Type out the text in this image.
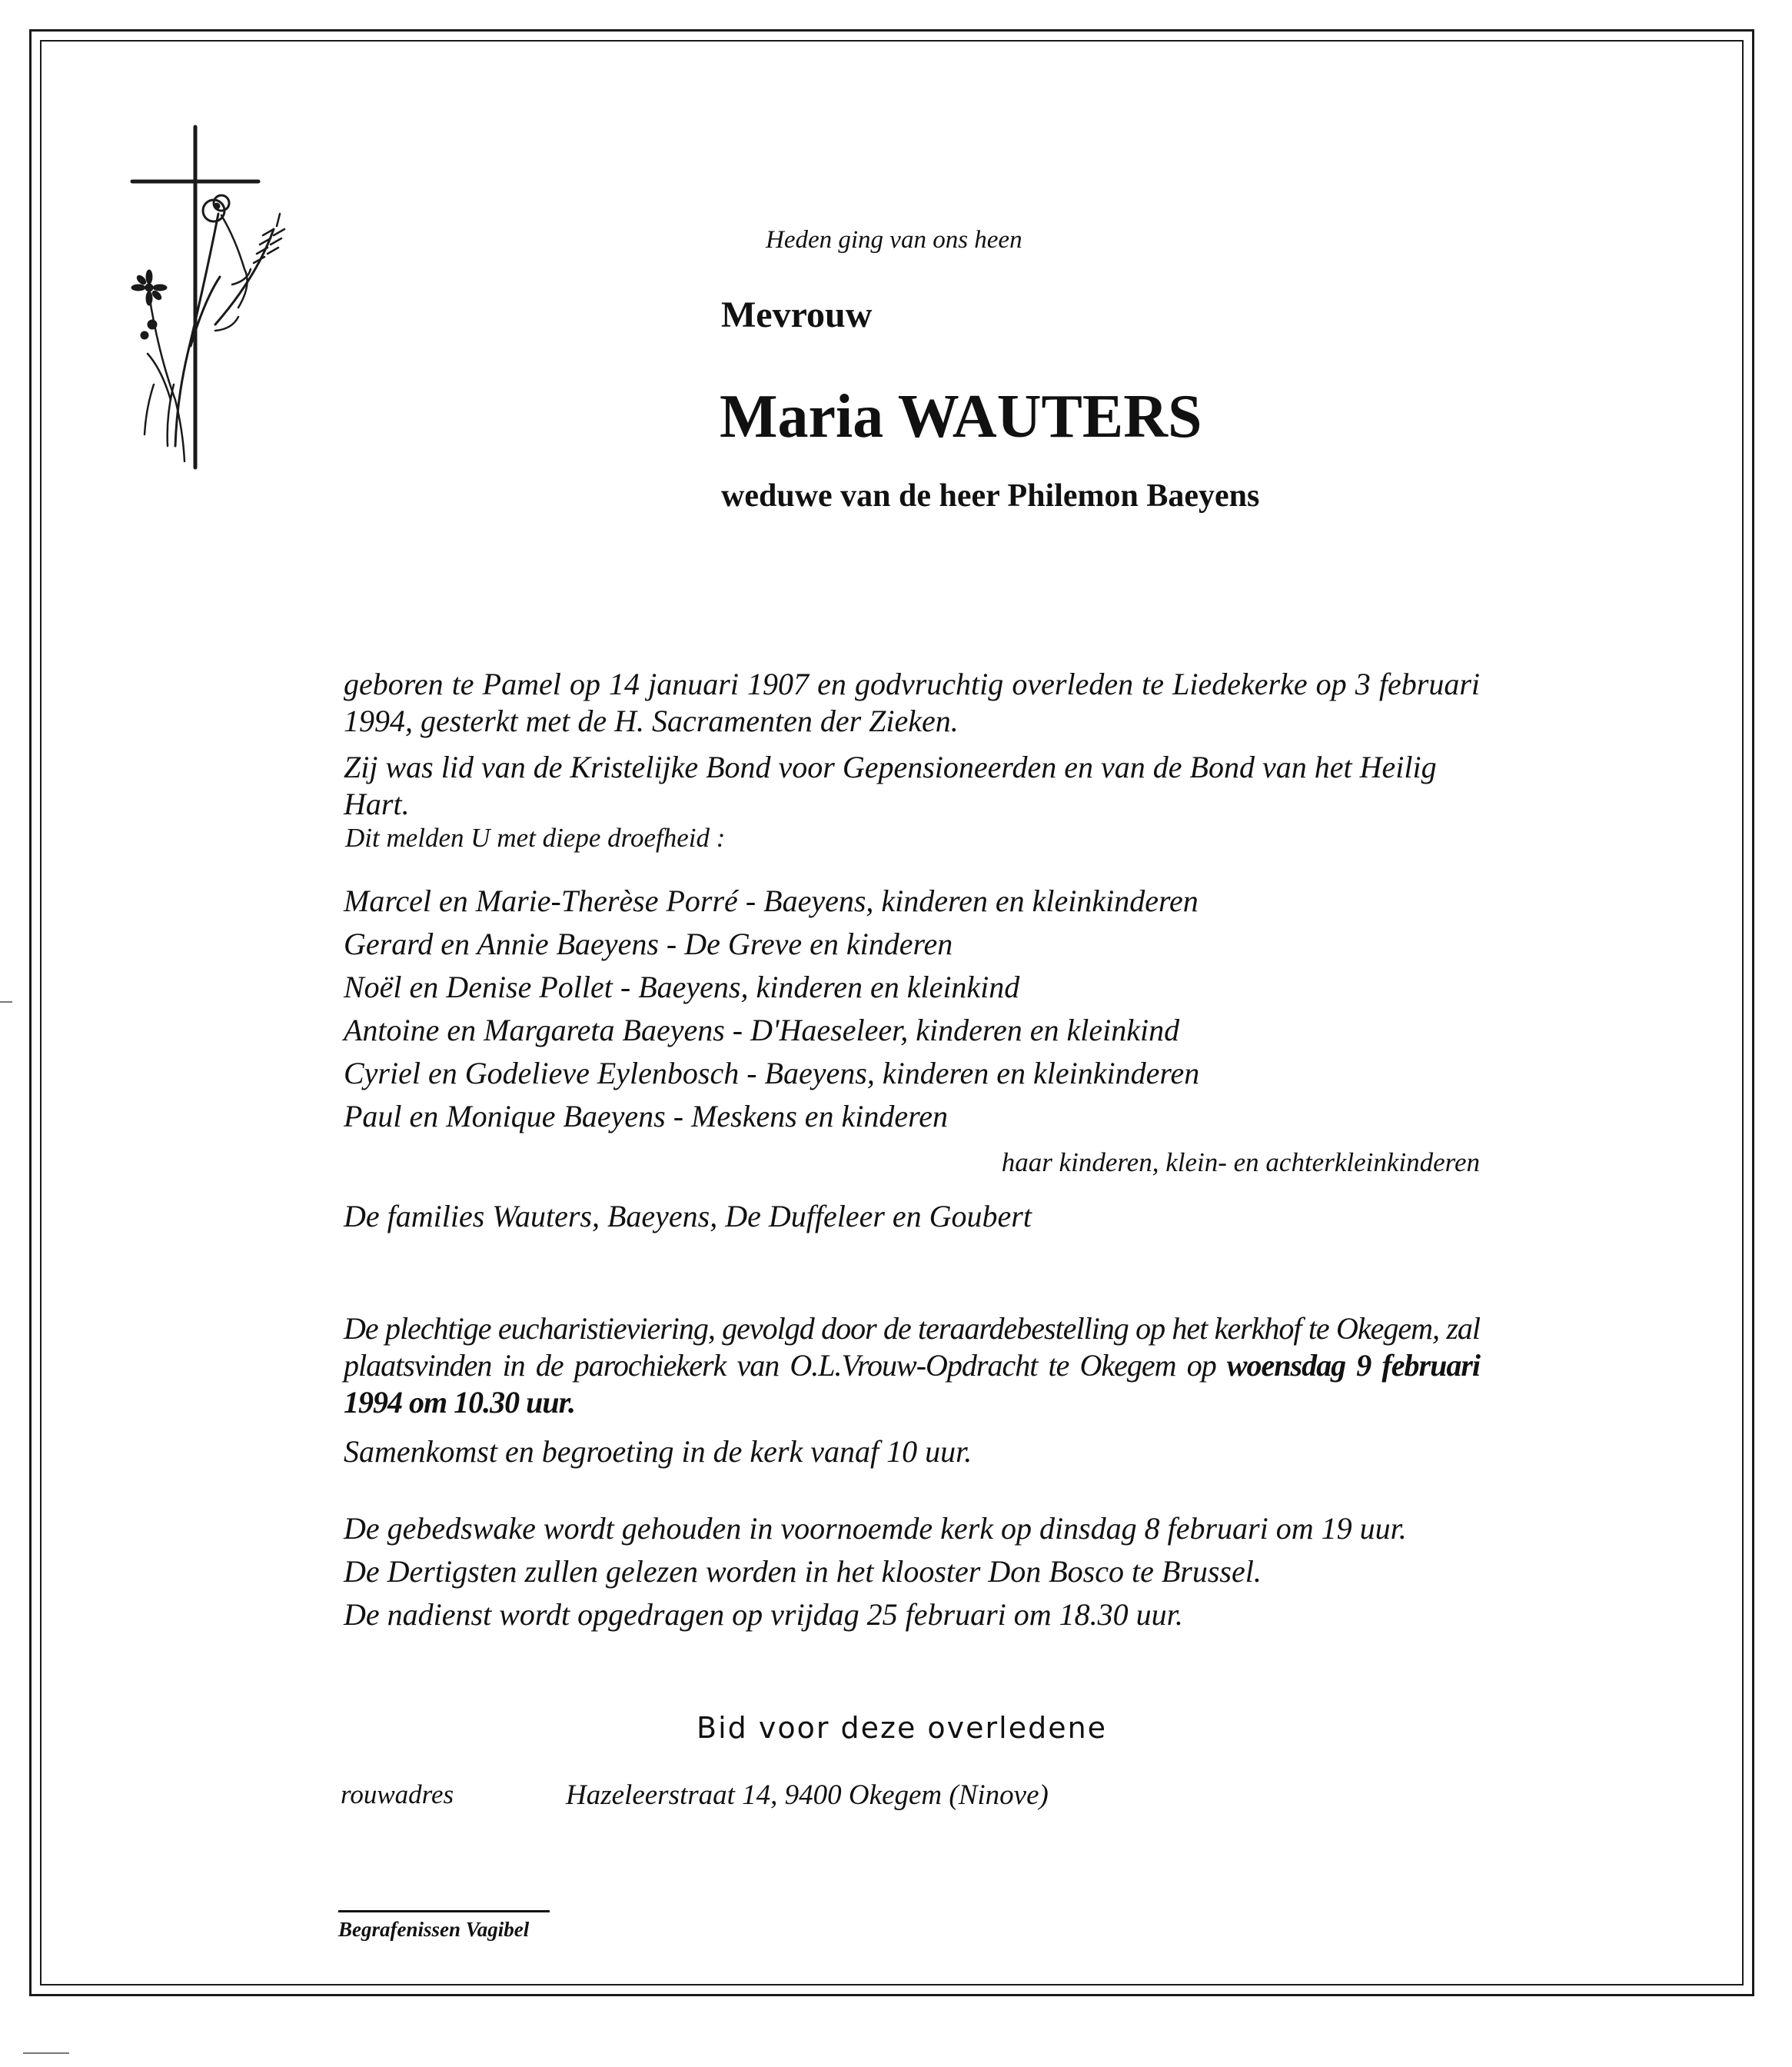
Heden ging van ons heen
Mevrouw
Maria WAUTERS
weduwe van de heer Philemon Baeyens
geboren te Pamel op 14 januari 1907 en godvruchtig overleden te Liedekerke op 3 februari
1994, gesterkt met de H. Sacramenten der Zieken.
Zij was lid van de Kristelijke Bond voor Gepensioneerden en van de Bond van het Heilig Hart.
Dit melden U met diepe droefheid :
Marcel en Marie-Therèse Porré - Baeyens, kinderen en kleinkinderen
Gerard en Annie Baeyens - De Greve en kinderen
Noël en Denise Pollet - Baeyens, kinderen en kleinkind
Antoine en Margareta Baeyens - D'Haeseleer, kinderen en kleinkind
Cyriel en Godelieve Eylenbosch - Baeyens, kinderen en kleinkinderen
Paul en Monique Baeyens - Meskens en kinderen
haar kinderen, klein- en achterkleinkinderen
De families Wauters, Baeyens, De Duffeleer en Goubert
De plechtige eucharistieviering, gevolgd door de teraardebestelling op het kerkhof te Okegem, zal plaatsvinden in de parochiekerk van O.L.Vrouw-Opdracht te Okegem op woensdag 9 februari 1994 om 10.30 uur.
Samenkomst en begroeting in de kerk vanaf 10 uur.
De gebedswake wordt gehouden in voornoemde kerk op dinsdag 8 februari om 19 uur.
De Dertigsten zullen gelezen worden in het klooster Don Bosco te Brussel.
De nadienst wordt opgedragen op vrijdag 25 februari om 18.30 uur.
Bid voor deze overledene
rouwadres	Hazeleerstraat 14, 9400 Okegem (Ninove)
Begrafenissen Vagibel
